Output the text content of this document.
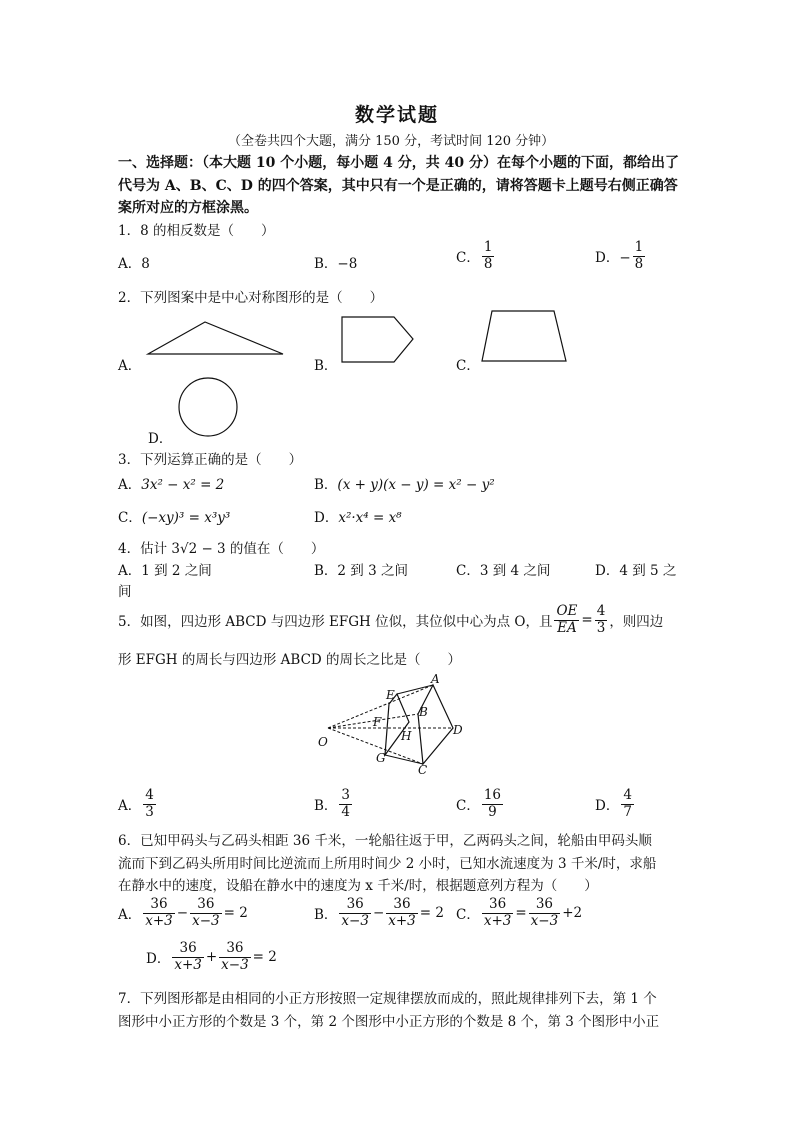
数学试题
（全卷共四个大题，满分 150 分，考试时间 120 分钟）
一、选择题：（本大题 10 个小题，每小题 4 分，共 40 分）在每个小题的下面，都给出了
代号为 A、B、C、D 的四个答案，其中只有一个是正确的，请将答题卡上题号右侧正确答
案所对应的方框涂黑。
1．8 的相反数是（　　）
A．8	B．−8	C． $\frac{1}{8}$	D．− $\frac{1}{8}$
2．下列图案中是中心对称图形的是（　　）
A．	B．	C．
D．
3．下列运算正确的是（　　）
A．3x² − x² = 2	B．(x + y)(x − y) = x² − y²
C．(−xy)³ = x³y³	D．x²·x⁴ = x⁸
4．估计 3√2 − 3 的值在（　　）
A．1 到 2 之间	B．2 到 3 之间	C．3 到 4 之间	D．4 到 5 之
间
5．如图，四边形 ABCD 与四边形 EFGH 位似，其位似中心为点 O，且 $\frac{OE}{EA} = \frac{4}{3}$ ，则四边
形 EFGH 的周长与四边形 ABCD 的周长之比是（　　）
O
E
F
G
H
A
B
C
D
A． $\frac{4}{3}$	B． $\frac{3}{4}$	C． $\frac{16}{9}$	D． $\frac{4}{7}$
6．已知甲码头与乙码头相距 36 千米，一轮船往返于甲，乙两码头之间，轮船由甲码头顺
流而下到乙码头所用时间比逆流而上所用时间少 2 小时，已知水流速度为 3 千米/时，求船
在静水中的速度，设船在静水中的速度为 x 千米/时，根据题意列方程为（　　）
A． $\frac{36}{x+3} - \frac{36}{x-3} = 2$	B． $\frac{36}{x-3} - \frac{36}{x+3} = 2$ C． $\frac{36}{x+3} = \frac{36}{x-3} +2$
D． $\frac{36}{x+3} + \frac{36}{x-3} = 2$
7．下列图形都是由相同的小正方形按照一定规律摆放而成的，照此规律排列下去，第 1 个
图形中小正方形的个数是 3 个，第 2 个图形中小正方形的个数是 8 个，第 3 个图形中小正
